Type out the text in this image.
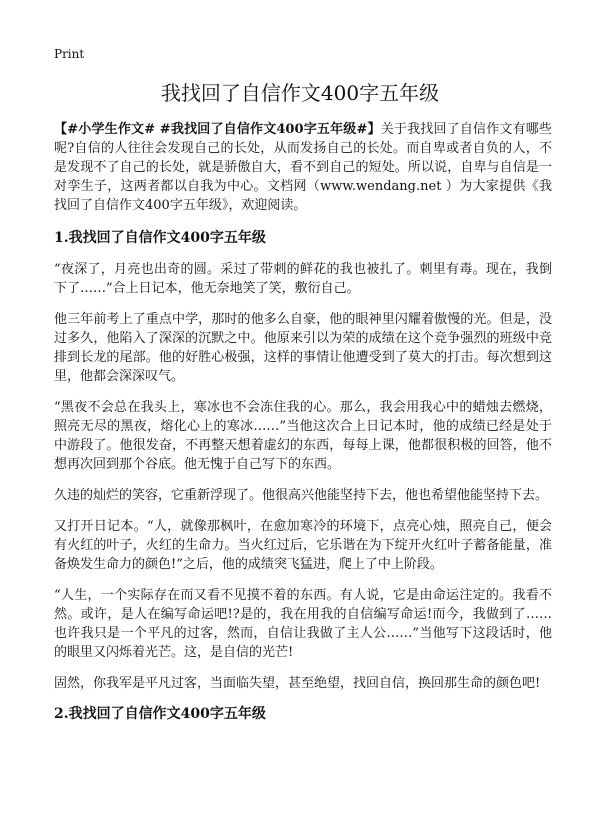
Print
我找回了自信作文400字五年级

【#小学生作文# #我找回了自信作文400字五年级#】关于我找回了自信作文有哪些呢?自信的人往往会发现自己的长处，从而发扬自己的长处。而自卑或者自负的人，不是发现不了自己的长处，就是骄傲自大，看不到自己的短处。所以说，自卑与自信是一对孪生子，这两者都以自我为中心。文档网（www.wendang.net ）为大家提供《我找回了自信作文400字五年级》，欢迎阅读。

1.我找回了自信作文400字五年级

“夜深了，月亮也出奇的圆。采过了带刺的鲜花的我也被扎了。刺里有毒。现在，我倒下了……”合上日记本，他无奈地笑了笑，敷衍自己。

他三年前考上了重点中学，那时的他多么自豪，他的眼神里闪耀着傲慢的光。但是，没过多久，他陷入了深深的沉默之中。他原来引以为荣的成绩在这个竞争强烈的班级中竞排到长龙的尾部。他的好胜心极强，这样的事情让他遭受到了莫大的打击。每次想到这里，他都会深深叹气。

“黑夜不会总在我头上，寒冰也不会冻住我的心。那么，我会用我心中的蜡烛去燃烧，照亮无尽的黑夜，熔化心上的寒冰……”当他这次合上日记本时，他的成绩已经是处于中游段了。他很发奋，不再整天想着虚幻的东西，每每上课，他都很积极的回答，他不想再次回到那个谷底。他无愧于自己写下的东西。

久违的灿烂的笑容，它重新浮现了。他很高兴他能坚持下去，他也希望他能坚持下去。

又打开日记本。“人，就像那枫叶，在愈加寒冷的环境下，点亮心烛，照亮自己，便会有火红的叶子，火红的生命力。当火红过后，它乐谐在为下绽开火红叶子蓄备能量，准备焕发生命力的颜色!”之后，他的成绩突飞猛进，爬上了中上阶段。

“人生，一个实际存在而又看不见摸不着的东西。有人说，它是由命运注定的。我看不然。或许，是人在编写命运吧!?是的，我在用我的自信编写命运!而今，我做到了……也许我只是一个平凡的过客，然而，自信让我做了主人公……”当他写下这段话时，他的眼里又闪烁着光芒。这，是自信的光芒!

固然，你我军是平凡过客，当面临失望，甚至绝望，找回自信，换回那生命的颜色吧!

2.我找回了自信作文400字五年级
